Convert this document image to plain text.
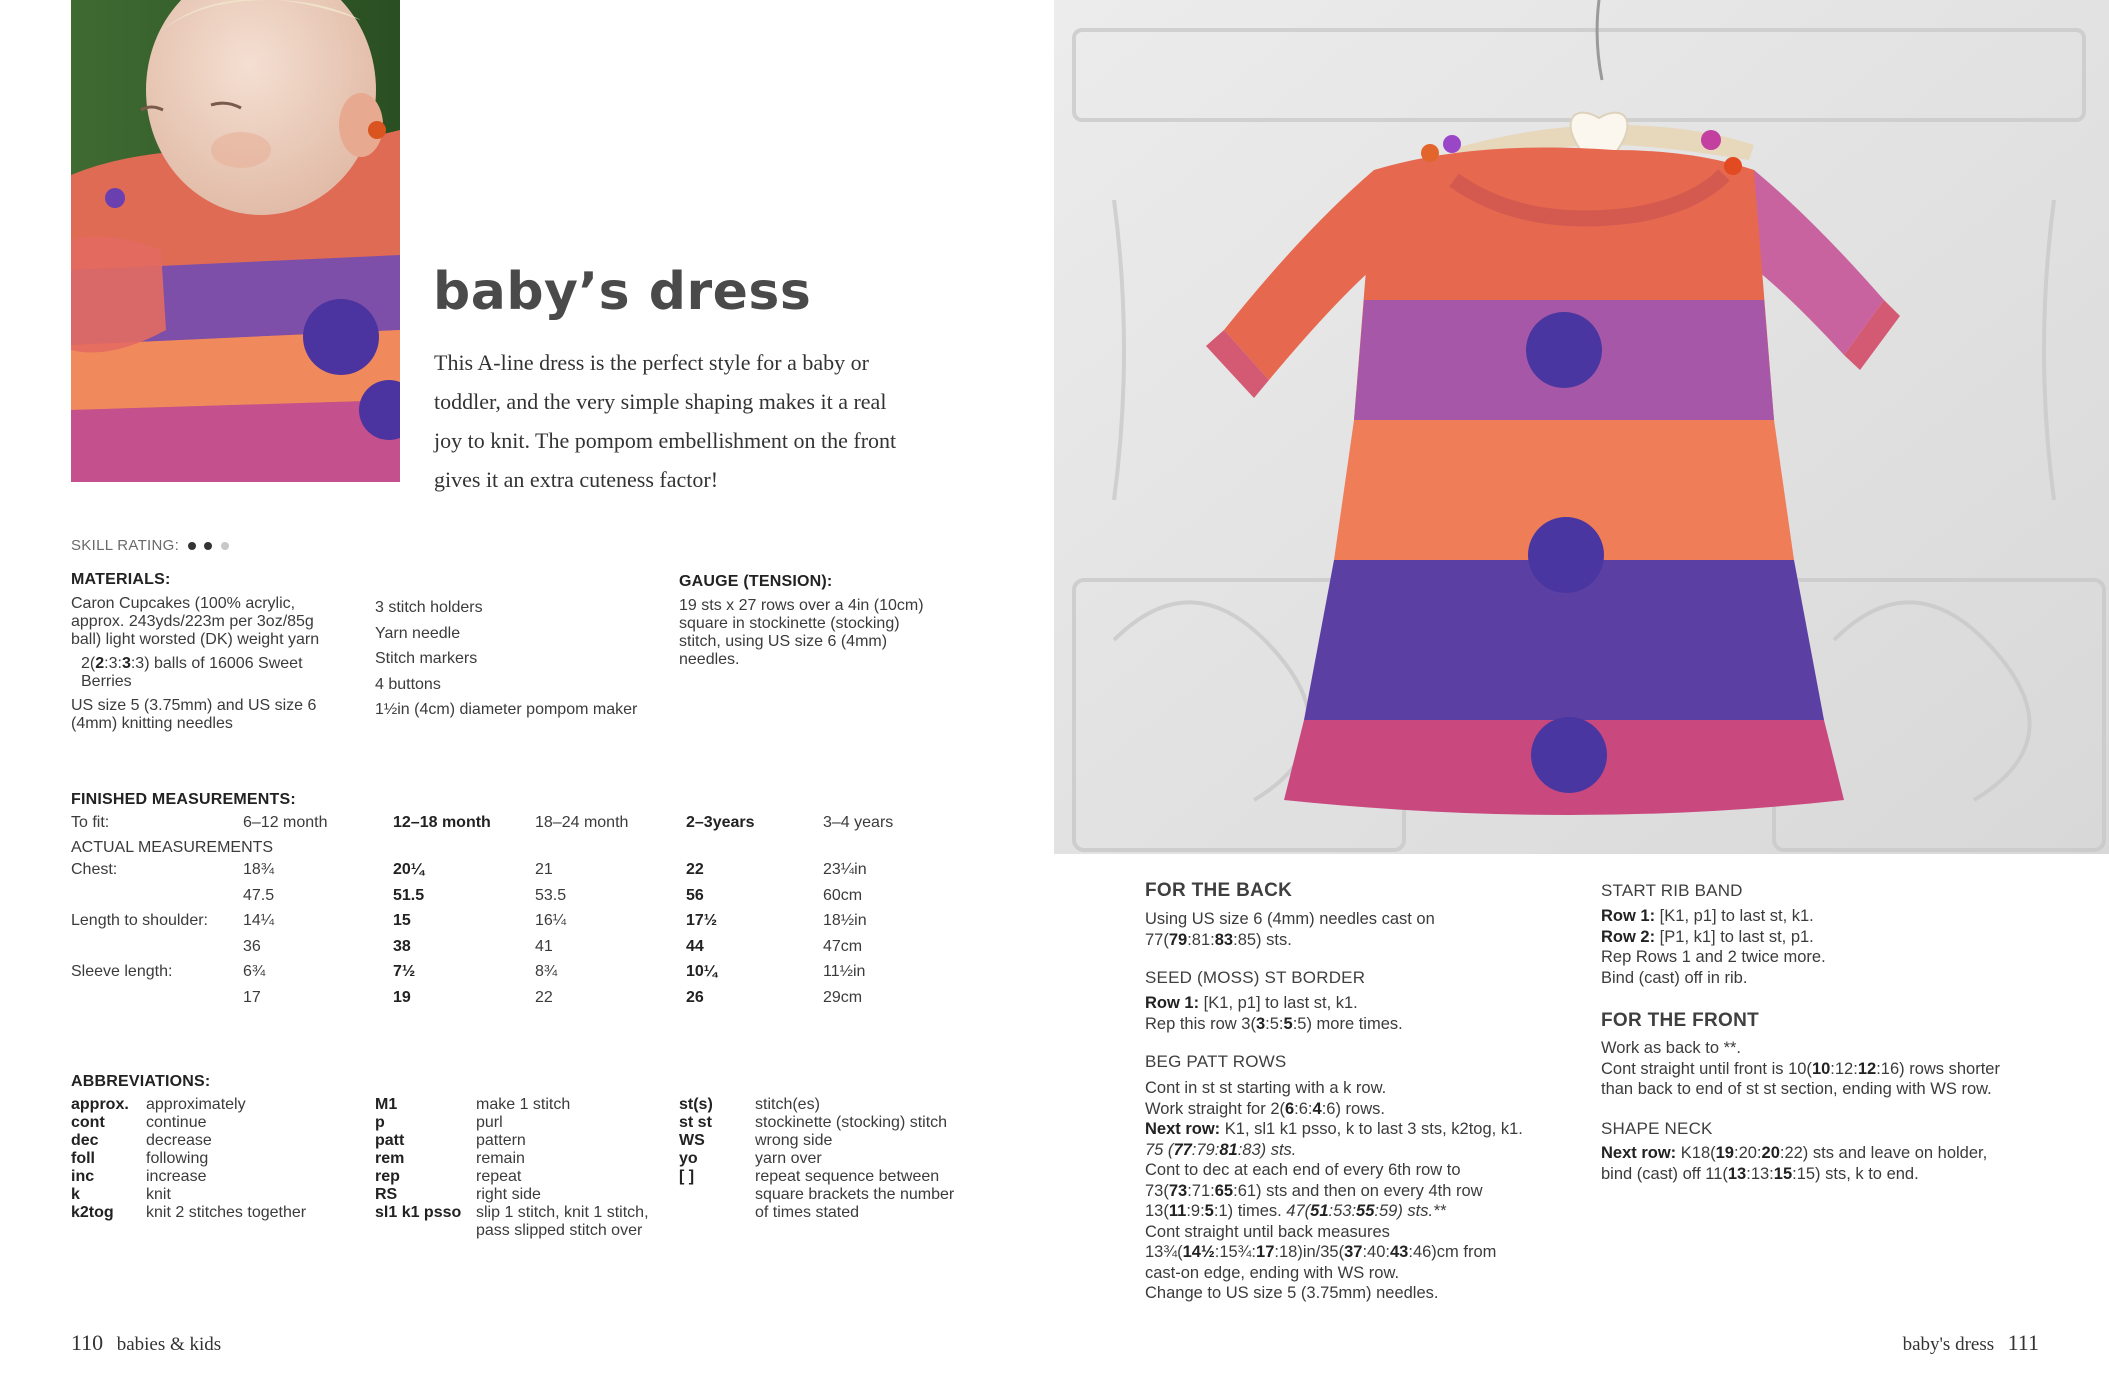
baby’s dress
This A-line dress is the perfect style for a baby or
toddler, and the very simple shaping makes it a real
joy to knit. The pompom embellishment on the front
gives it an extra cuteness factor!
SKILL RATING:
MATERIALS:
Caron Cupcakes (100% acrylic,
approx. 243yds/223m per 3oz/85g
ball) light worsted (DK) weight yarn
2(2:3:3:3) balls of 16006 Sweet
Berries
US size 5 (3.75mm) and US size 6
(4mm) knitting needles
3 stitch holders
Yarn needle
Stitch markers
4 buttons
1½in (4cm) diameter pompom maker
GAUGE (TENSION):
19 sts x 27 rows over a 4in (10cm)
square in stockinette (stocking)
stitch, using US size 6 (4mm)
needles.
FINISHED MEASUREMENTS:
To fit:	6–12 month	12–18 month	18–24 month	2–3years	3–4 years
ACTUAL MEASUREMENTS
Chest:	18¾	20¼	21	22	23¼in
47.5	51.5	53.5	56	60cm
Length to shoulder: 14¼	15	16¼	17½	18½in
36	38	41	44	47cm
Sleeve length:	6¾	7½	8¾	10¼	11½in
17	19	22	26	29cm
ABBREVIATIONS:
approx. approximately
cont	continue
dec	decrease
foll	following
inc	increase
k	knit
k2tog knit 2 stitches together
M1	make 1 stitch
p	purl
patt	pattern
rem	remain
rep	repeat
RS	right side
sl1 k1 psso slip 1 stitch, knit 1 stitch,
pass slipped stitch over
st(s)	stitch(es)
st st	stockinette (stocking) stitch
WS	wrong side
yo	yarn over
[ ]	repeat sequence between
square brackets the number
of times stated
110 babies & kids
FOR THE BACK
Using US size 6 (4mm) needles cast on
77(79:81:83:85) sts.
SEED (MOSS) ST BORDER
Row 1: [K1, p1] to last st, k1.
Rep this row 3(3:5:5:5) more times.
BEG PATT ROWS
Cont in st st starting with a k row.
Work straight for 2(6:6:4:6) rows.
Next row: K1, sl1 k1 psso, k to last 3 sts, k2tog, k1.
75 (77:79:81:83) sts.
Cont to dec at each end of every 6th row to
73(73:71:65:61) sts and then on every 4th row
13(11:9:5:1) times. 47(51:53:55:59) sts.**
Cont straight until back measures
13¾(14½:15¾:17:18)in/35(37:40:43:46)cm from
cast-on edge, ending with WS row.
Change to US size 5 (3.75mm) needles.
START RIB BAND
Row 1: [K1, p1] to last st, k1.
Row 2: [P1, k1] to last st, p1.
Rep Rows 1 and 2 twice more.
Bind (cast) off in rib.
FOR THE FRONT
Work as back to **.
Cont straight until front is 10(10:12:12:16) rows shorter
than back to end of st st section, ending with WS row.
SHAPE NECK
Next row: K18(19:20:20:22) sts and leave on holder,
bind (cast) off 11(13:13:15:15) sts, k to end.
baby's dress 111
